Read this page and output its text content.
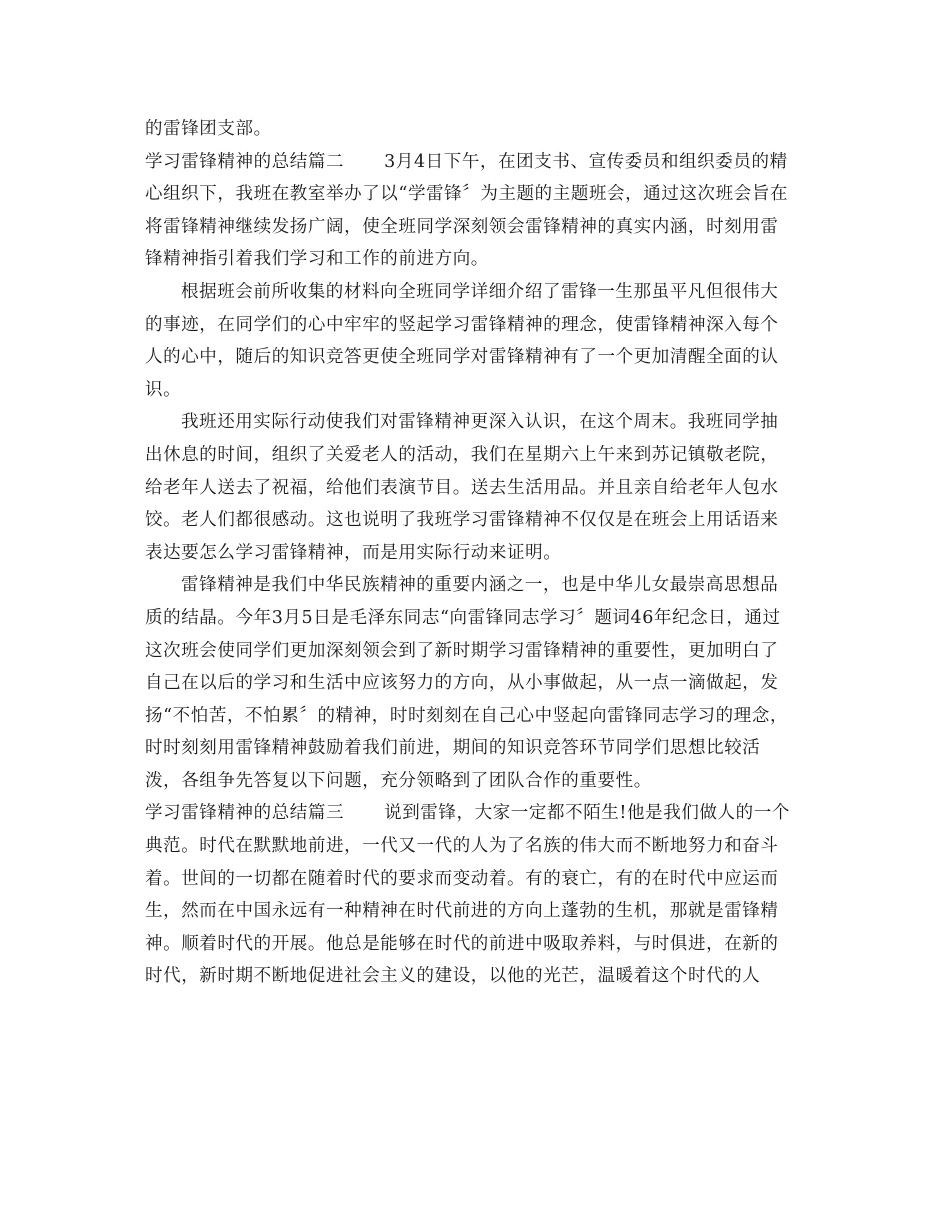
的雷锋团支部。
学习雷锋精神的总结篇二 3月4日下午，在团支书、宣传委员和组织委员的精
心组织下，我班在教室举办了以“学雷锋〞为主题的主题班会，通过这次班会旨在
将雷锋精神继续发扬广阔，使全班同学深刻领会雷锋精神的真实内涵，时刻用雷
锋精神指引着我们学习和工作的前进方向。
根据班会前所收集的材料向全班同学详细介绍了雷锋一生那虽平凡但很伟大
的事迹，在同学们的心中牢牢的竖起学习雷锋精神的理念，使雷锋精神深入每个
人的心中，随后的知识竞答更使全班同学对雷锋精神有了一个更加清醒全面的认
识。
我班还用实际行动使我们对雷锋精神更深入认识，在这个周末。我班同学抽
出休息的时间，组织了关爱老人的活动，我们在星期六上午来到苏记镇敬老院，
给老年人送去了祝福，给他们表演节目。送去生活用品。并且亲自给老年人包水
饺。老人们都很感动。这也说明了我班学习雷锋精神不仅仅是在班会上用话语来
表达要怎么学习雷锋精神，而是用实际行动来证明。
雷锋精神是我们中华民族精神的重要内涵之一，也是中华儿女最崇高思想品
质的结晶。今年3月5日是毛泽东同志“向雷锋同志学习〞题词46年纪念日，通过
这次班会使同学们更加深刻领会到了新时期学习雷锋精神的重要性，更加明白了
自己在以后的学习和生活中应该努力的方向，从小事做起，从一点一滴做起，发
扬“不怕苦，不怕累〞的精神，时时刻刻在自己心中竖起向雷锋同志学习的理念，
时时刻刻用雷锋精神鼓励着我们前进，期间的知识竞答环节同学们思想比较活
泼，各组争先答复以下问题，充分领略到了团队合作的重要性。
学习雷锋精神的总结篇三 说到雷锋，大家一定都不陌生!他是我们做人的一个
典范。时代在默默地前进，一代又一代的人为了名族的伟大而不断地努力和奋斗
着。世间的一切都在随着时代的要求而变动着。有的衰亡，有的在时代中应运而
生，然而在中国永远有一种精神在时代前进的方向上蓬勃的生机，那就是雷锋精
神。顺着时代的开展。他总是能够在时代的前进中吸取养料，与时俱进，在新的
时代，新时期不断地促进社会主义的建设，以他的光芒，温暖着这个时代的人
